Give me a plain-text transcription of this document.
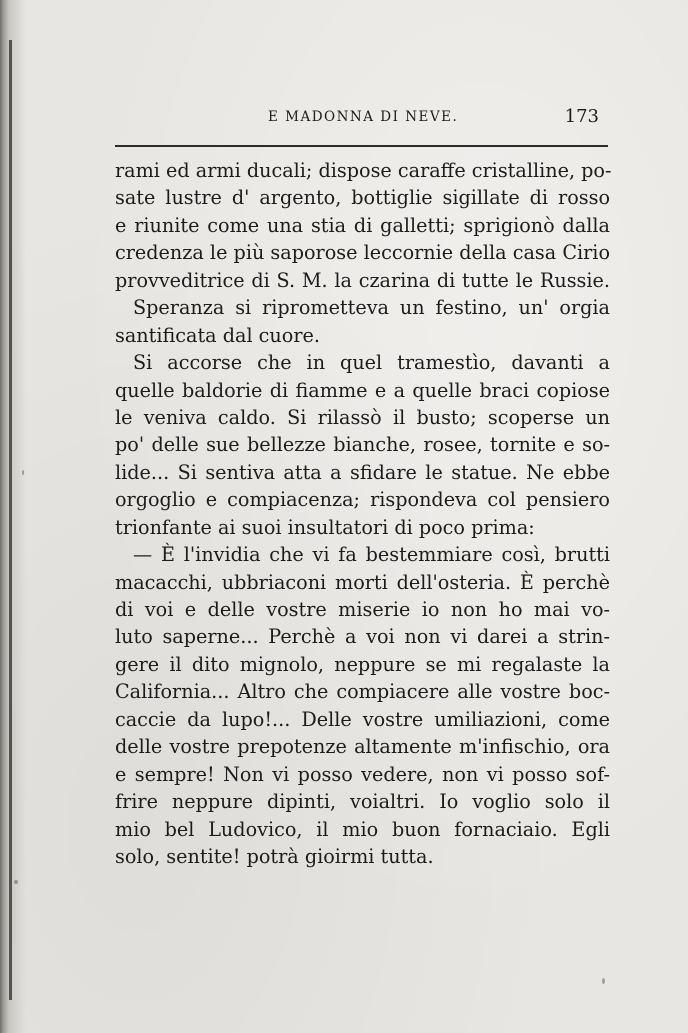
E MADONNA DI NEVE.	173
rami ed armi ducali; dispose caraffe cristalline, po-
sate lustre d' argento, bottiglie sigillate di rosso
e riunite come una stia di galletti; sprigionò dalla
credenza le più saporose leccornie della casa Cirio
provveditrice di S. M. la czarina di tutte le Russie.
Speranza si riprometteva un festino, un' orgia
santificata dal cuore.
Si accorse che in quel tramestìo, davanti a
quelle baldorie di fiamme e a quelle braci copiose
le veniva caldo. Si rilassò il busto; scoperse un
po' delle sue bellezze bianche, rosee, tornite e so-
lide... Si sentiva atta a sfidare le statue. Ne ebbe
orgoglio e compiacenza; rispondeva col pensiero
trionfante ai suoi insultatori di poco prima:
— È l'invidia che vi fa bestemmiare così, brutti
macacchi, ubbriaconi morti dell'osteria. È perchè
di voi e delle vostre miserie io non ho mai vo-
luto saperne... Perchè a voi non vi darei a strin-
gere il dito mignolo, neppure se mi regalaste la
California... Altro che compiacere alle vostre boc-
caccie da lupo!... Delle vostre umiliazioni, come
delle vostre prepotenze altamente m'infischio, ora
e sempre! Non vi posso vedere, non vi posso sof-
frire neppure dipinti, voialtri. Io voglio solo il
mio bel Ludovico, il mio buon fornaciaio. Egli
solo, sentite! potrà gioirmi tutta.
